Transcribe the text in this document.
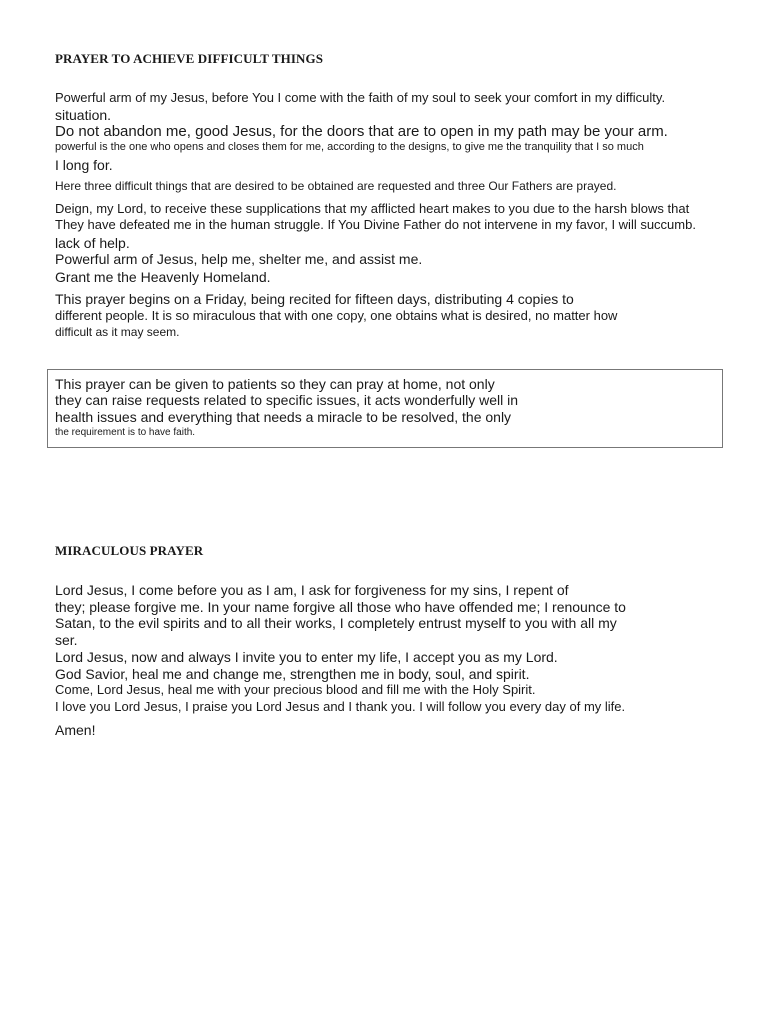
PRAYER TO ACHIEVE DIFFICULT THINGS

Powerful arm of my Jesus, before You I come with the faith of my soul to seek your comfort in my difficulty.

situation.

Do not abandon me, good Jesus, for the doors that are to open in my path may be your arm.

powerful is the one who opens and closes them for me, according to the designs, to give me the tranquility that I so much

I long for.

Here three difficult things that are desired to be obtained are requested and three Our Fathers are prayed.

Deign, my Lord, to receive these supplications that my afflicted heart makes to you due to the harsh blows that

They have defeated me in the human struggle. If You Divine Father do not intervene in my favor, I will succumb.

lack of help.

Powerful arm of Jesus, help me, shelter me, and assist me.

Grant me the Heavenly Homeland.

This prayer begins on a Friday, being recited for fifteen days, distributing 4 copies to

different people. It is so miraculous that with one copy, one obtains what is desired, no matter how

difficult as it may seem.

This prayer can be given to patients so they can pray at home, not only

they can raise requests related to specific issues, it acts wonderfully well in

health issues and everything that needs a miracle to be resolved, the only

the requirement is to have faith.

MIRACULOUS PRAYER

Lord Jesus, I come before you as I am, I ask for forgiveness for my sins, I repent of

they; please forgive me. In your name forgive all those who have offended me; I renounce to

Satan, to the evil spirits and to all their works, I completely entrust myself to you with all my

ser.

Lord Jesus, now and always I invite you to enter my life, I accept you as my Lord.

God Savior, heal me and change me, strengthen me in body, soul, and spirit.

Come, Lord Jesus, heal me with your precious blood and fill me with the Holy Spirit.

I love you Lord Jesus, I praise you Lord Jesus and I thank you. I will follow you every day of my life.

Amen!
